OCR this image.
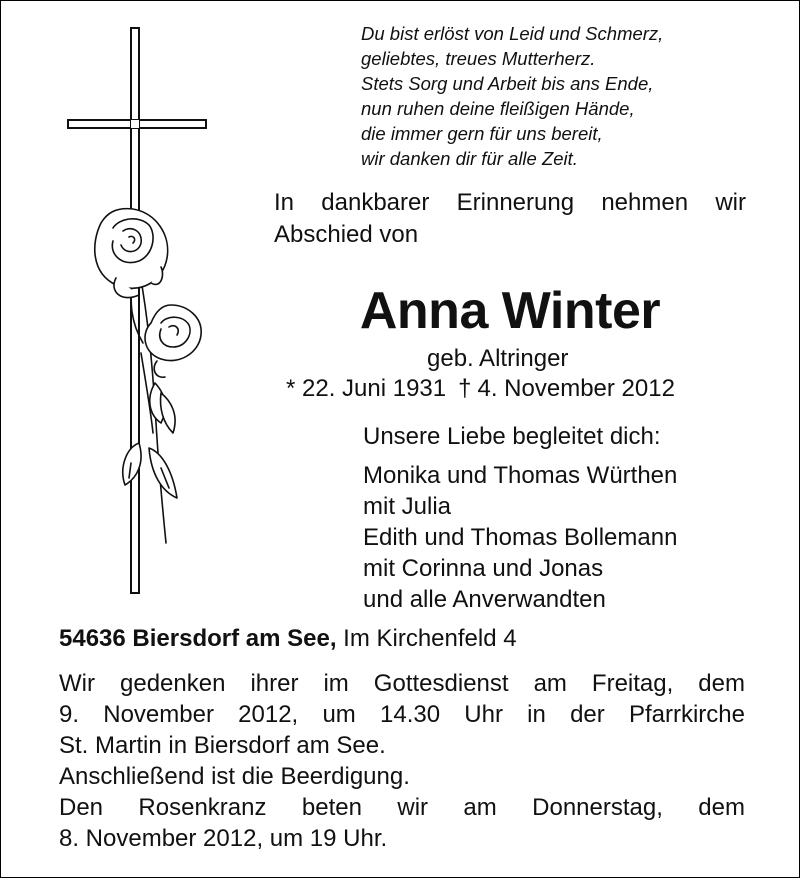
Du bist erlöst von Leid und Schmerz,
geliebtes, treues Mutterherz.
Stets Sorg und Arbeit bis ans Ende,
nun ruhen deine fleißigen Hände,
die immer gern für uns bereit,
wir danken dir für alle Zeit.
In dankbarer Erinnerung nehmen wir Abschied von
Anna Winter
geb. Altringer
* 22. Juni 1931 † 4. November 2012
Unsere Liebe begleitet dich:
Monika und Thomas Würthen
mit Julia
Edith und Thomas Bollemann
mit Corinna und Jonas
und alle Anverwandten
54636 Biersdorf am See, Im Kirchenfeld 4
Wir gedenken ihrer im Gottesdienst am Freitag, dem
9. November 2012, um 14.30 Uhr in der Pfarrkirche
St. Martin in Biersdorf am See.
Anschließend ist die Beerdigung.
Den Rosenkranz beten wir am Donnerstag, dem
8. November 2012, um 19 Uhr.
